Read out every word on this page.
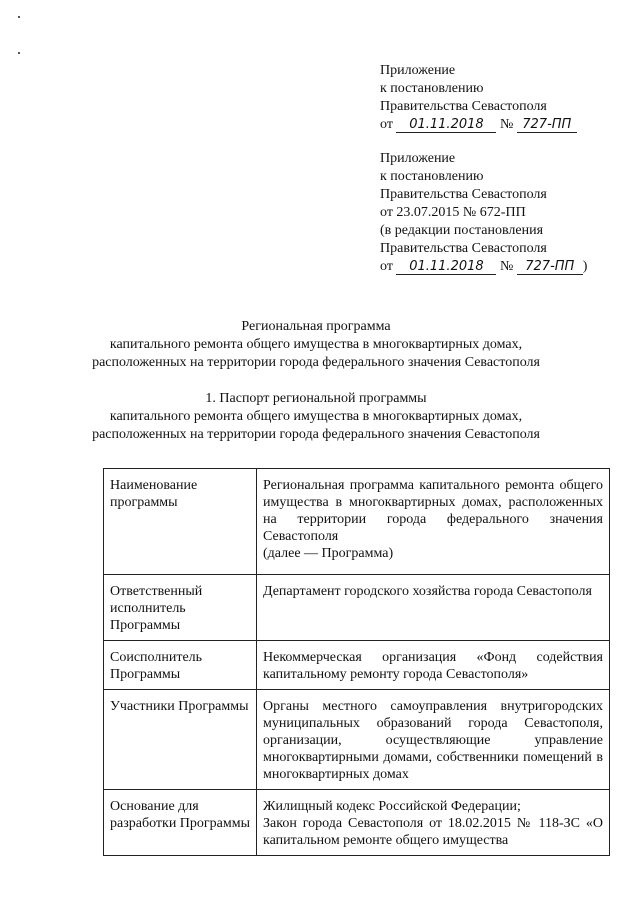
Приложение
к постановлению
Правительства Севастополя
от 01.11.2018 № 727-ПП
Приложение
к постановлению
Правительства Севастополя
от 23.07.2015 № 672-ПП
(в редакции постановления
Правительства Севастополя
от 01.11.2018 № 727-ПП )
Региональная программа
капитального ремонта общего имущества в многоквартирных домах,
расположенных на территории города федерального значения Севастополя
1. Паспорт региональной программы
капитального ремонта общего имущества в многоквартирных домах,
расположенных на территории города федерального значения Севастополя
Наименование программы	Региональная программа капитального ремонта общего имущества в многоквартирных домах, расположенных на территории города федерального значения Севастополя
(далее — Программа)

Ответственный исполнитель Программы	Департамент городского хозяйства города Севастополя
Соисполнитель Программы	Некоммерческая организация «Фонд содействия капитальному ремонту города Севастополя»
Участники Программы	Органы местного самоуправления внутригородских муниципальных образований города Севастополя, организации, осуществляющие управление многоквартирными домами, собственники помещений в многоквартирных домах
Основание для разработки Программы	Жилищный кодекс Российской Федерации;
Закон города Севастополя от 18.02.2015 № 118-ЗС «О капитальном ремонте общего имущества
